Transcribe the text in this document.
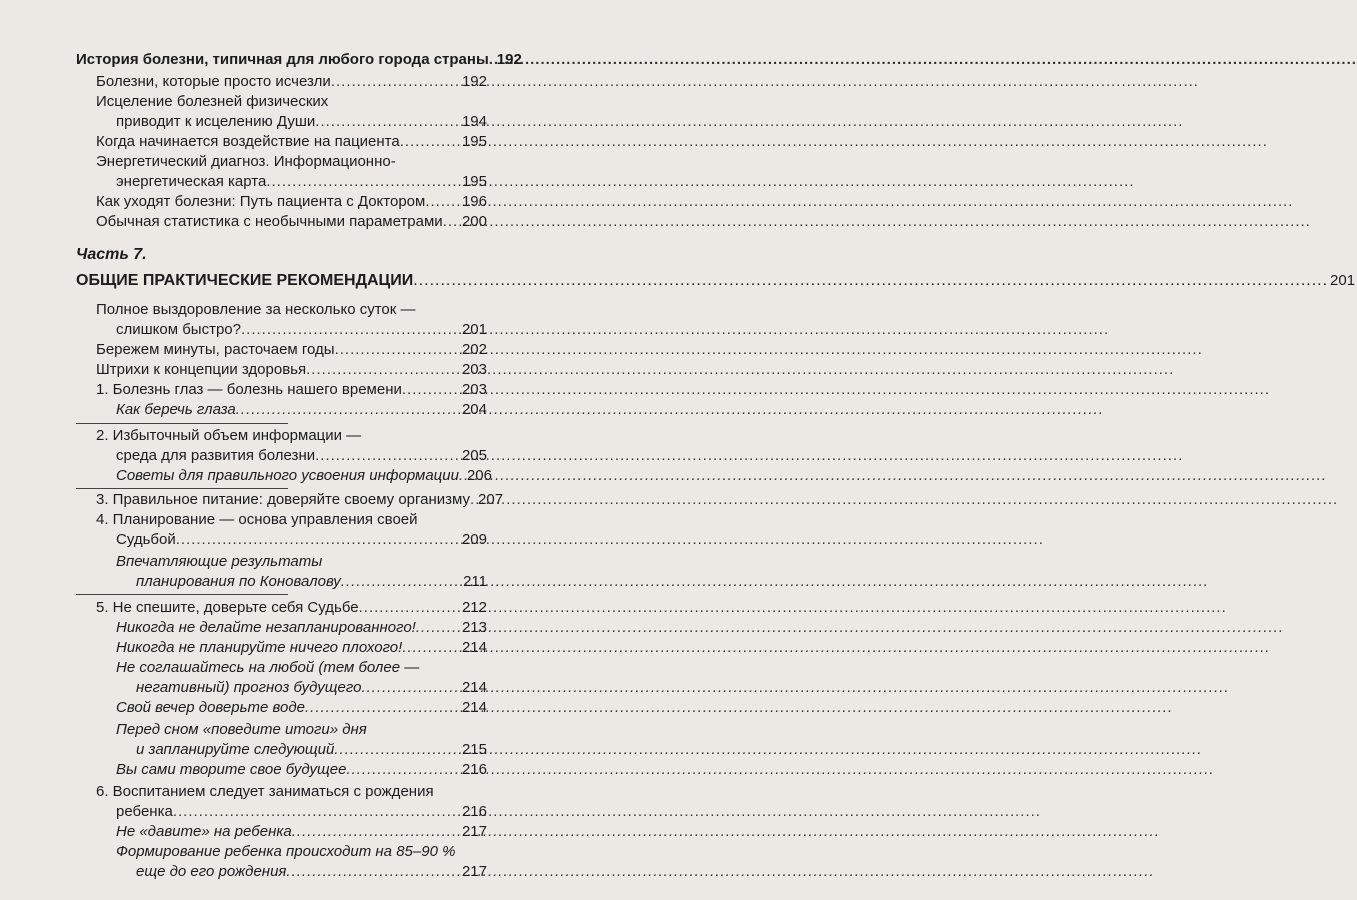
История болезни, типичная для любого города страны ..... 192
Болезни, которые просто исчезли .....	192
Исцеление болезней физических
приводит к исцелению Души .....	194
Когда начинается воздействие на пациента .....	195
Энергетический диагноз. Информационно-
энергетическая карта .....	195
Как уходят болезни: Путь пациента с Доктором ..... 196
Обычная статистика с необычными параметрами ..... 200
Часть 7.
ОБЩИЕ ПРАКТИЧЕСКИЕ РЕКОМЕНДАЦИИ .....	201
Полное выздоровление за несколько суток —
слишком быстро? .....	201
Бережем минуты, расточаем годы .....	202
Штрихи к концепции здоровья .....	203
1. Болезнь глаз — болезнь нашего времени .....	203
Как беречь глаза .....	204
2. Избыточный объем информации —
среда для развития болезни .....	205
Советы для правильного усвоения информации ..... 206
3. Правильное питание: доверяйте своему организму ..... 207
4. Планирование — основа управления своей
Судьбой .....	209
Впечатляющие результаты
планирования по Коновалову .....	211
5. Не спешите, доверьте себя Судьбе .....	212
Никогда не делайте незапланированного! .....	213
Никогда не планируйте ничего плохого! .....	214
Не соглашайтесь на любой (тем более —
негативный) прогноз будущего .....	214
Свой вечер доверьте воде .....	214
Перед сном «поведите итоги» дня
и запланируйте следующий .....	215
Вы сами творите свое будущее .....	216
6. Воспитанием следует заниматься с рождения
ребенка .....	216
Не «давите» на ребенка .....	217
Формирование ребенка происходит на 85–90 %
еще до его рождения .....	217
